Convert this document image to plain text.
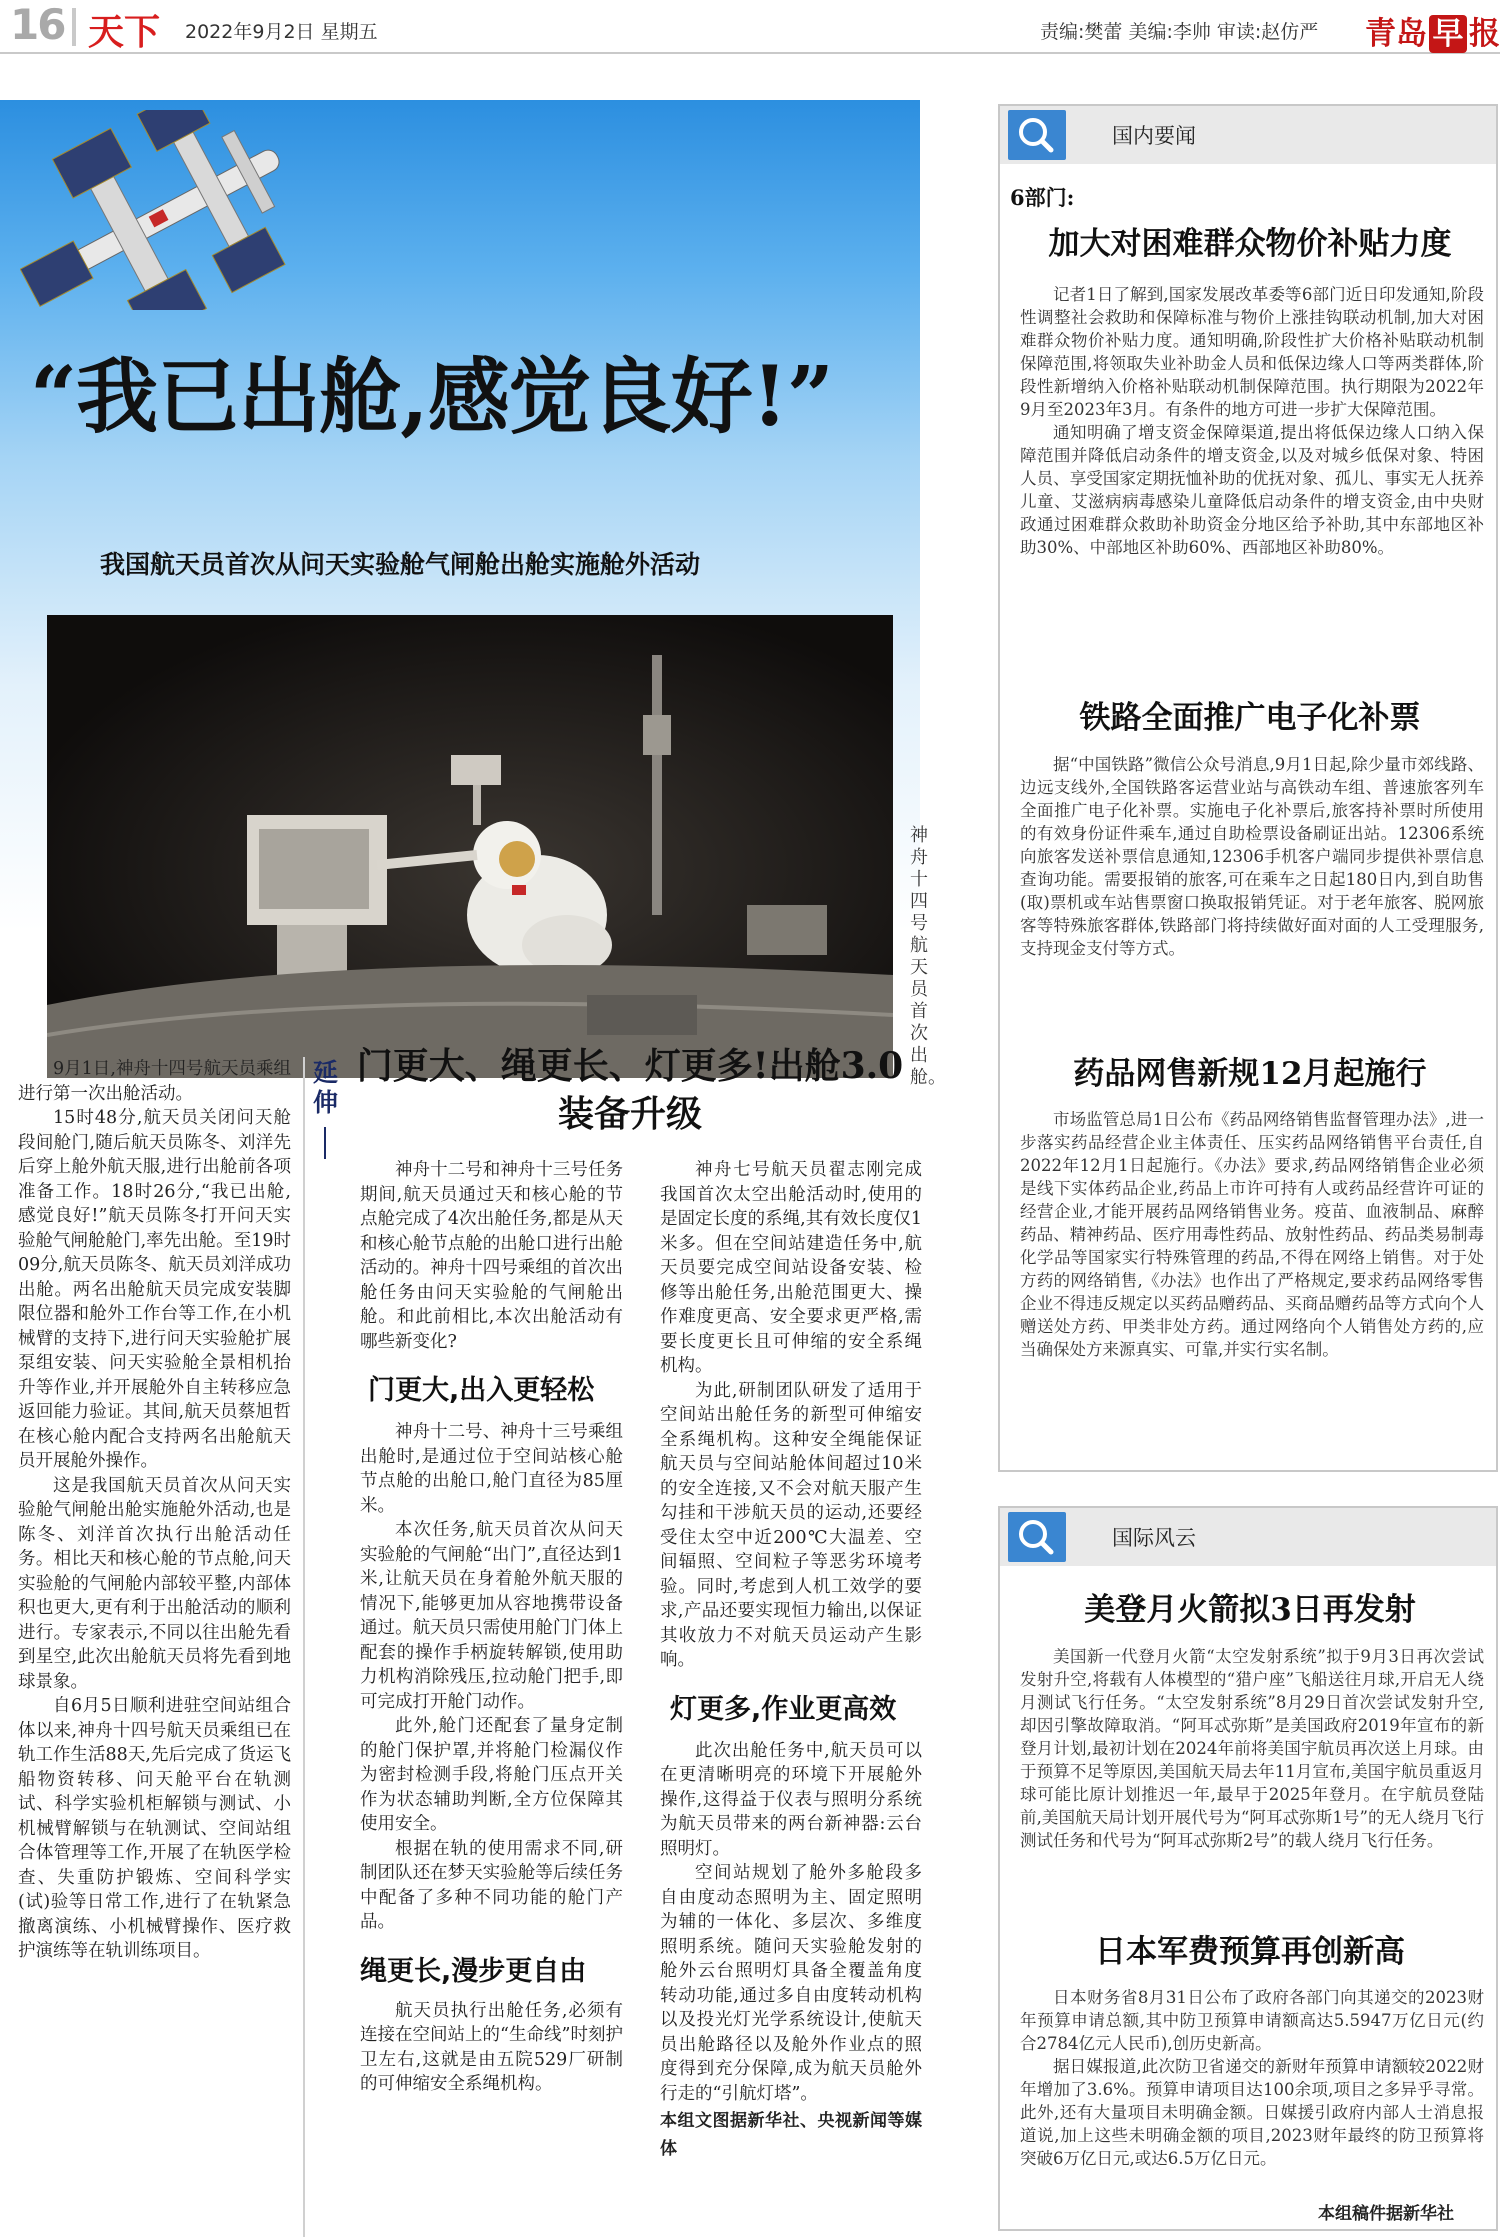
16 天下 2022年9月2日 星期五	责编:樊蕾 美编:李帅 审读:赵仿严 青岛 早 报
“我已出舱,感觉良好!”
我国航天员首次从问天实验舱气闸舱出舱实施舱外活动
神舟十四号航天员首次出舱。

9月1日,神舟十四号航天员乘组进行第一次出舱活动。

15时48分,航天员关闭问天舱段间舱门,随后航天员陈冬、刘洋先后穿上舱外航天服,进行出舱前各项准备工作。18时26分,“我已出舱,感觉良好!”航天员陈冬打开问天实验舱气闸舱舱门,率先出舱。至19时09分,航天员陈冬、航天员刘洋成功出舱。两名出舱航天员完成安装脚限位器和舱外工作台等工作,在小机械臂的支持下,进行问天实验舱扩展泵组安装、问天实验舱全景相机抬升等作业,并开展舱外自主转移应急返回能力验证。其间,航天员蔡旭哲在核心舱内配合支持两名出舱航天员开展舱外操作。

这是我国航天员首次从问天实验舱气闸舱出舱实施舱外活动,也是陈冬、刘洋首次执行出舱活动任务。相比天和核心舱的节点舱,问天实验舱的气闸舱内部较平整,内部体积也更大,更有利于出舱活动的顺利进行。专家表示,不同以往出舱先看到星空,此次出舱航天员将先看到地球景象。

自6月5日顺利进驻空间站组合体以来,神舟十四号航天员乘组已在轨工作生活88天,先后完成了货运飞船物资转移、问天舱平台在轨测试、科学实验机柜解锁与测试、小机械臂解锁与在轨测试、空间站组合体管理等工作,开展了在轨医学检查、失重防护锻炼、空间科学实(试)验等日常工作,进行了在轨紧急撤离演练、小机械臂操作、医疗救护演练等在轨训练项目。

延伸
门更大、绳更长、灯更多!出舱3.0装备升级

神舟十二号和神舟十三号任务期间,航天员通过天和核心舱的节点舱完成了4次出舱任务,都是从天和核心舱节点舱的出舱口进行出舱活动的。神舟十四号乘组的首次出舱任务由问天实验舱的气闸舱出舱。和此前相比,本次出舱活动有哪些新变化?

门更大,出入更轻松

神舟十二号、神舟十三号乘组出舱时,是通过位于空间站核心舱节点舱的出舱口,舱门直径为85厘米。

本次任务,航天员首次从问天实验舱的气闸舱“出门”,直径达到1米,让航天员在身着舱外航天服的情况下,能够更加从容地携带设备通过。航天员只需使用舱门门体上配套的操作手柄旋转解锁,使用助力机构消除残压,拉动舱门把手,即可完成打开舱门动作。

此外,舱门还配套了量身定制的舱门保护罩,并将舱门检漏仪作为密封检测手段,将舱门压点开关作为状态辅助判断,全方位保障其使用安全。

根据在轨的使用需求不同,研制团队还在梦天实验舱等后续任务中配备了多种不同功能的舱门产品。

绳更长,漫步更自由

航天员执行出舱任务,必须有连接在空间站上的“生命线”时刻护卫左右,这就是由五院529厂研制的可伸缩安全系绳机构。

神舟七号航天员翟志刚完成我国首次太空出舱活动时,使用的是固定长度的系绳,其有效长度仅1米多。但在空间站建造任务中,航天员要完成空间站设备安装、检修等出舱任务,出舱范围更大、操作难度更高、安全要求更严格,需要长度更长且可伸缩的安全系绳机构。

为此,研制团队研发了适用于空间站出舱任务的新型可伸缩安全系绳机构。这种安全绳能保证航天员与空间站舱体间超过10米的安全连接,又不会对航天服产生勾挂和干涉航天员的运动,还要经受住太空中近200℃大温差、空间辐照、空间粒子等恶劣环境考验。同时,考虑到人机工效学的要求,产品还要实现恒力输出,以保证其收放力不对航天员运动产生影响。

灯更多,作业更高效

此次出舱任务中,航天员可以在更清晰明亮的环境下开展舱外操作,这得益于仪表与照明分系统为航天员带来的两台新神器:云台照明灯。

空间站规划了舱外多舱段多自由度动态照明为主、固定照明为辅的一体化、多层次、多维度照明系统。随问天实验舱发射的舱外云台照明灯具备全覆盖角度转动功能,通过多自由度转动机构以及投光灯光学系统设计,使航天员出舱路径以及舱外作业点的照度得到充分保障,成为航天员舱外行走的“引航灯塔”。

本组文图据新华社、央视新闻等媒体
国内要闻
6部门:
加大对困难群众物价补贴力度

记者1日了解到,国家发展改革委等6部门近日印发通知,阶段性调整社会救助和保障标准与物价上涨挂钩联动机制,加大对困难群众物价补贴力度。通知明确,阶段性扩大价格补贴联动机制保障范围,将领取失业补助金人员和低保边缘人口等两类群体,阶段性新增纳入价格补贴联动机制保障范围。执行期限为2022年9月至2023年3月。有条件的地方可进一步扩大保障范围。

通知明确了增支资金保障渠道,提出将低保边缘人口纳入保障范围并降低启动条件的增支资金,以及对城乡低保对象、特困人员、享受国家定期抚恤补助的优抚对象、孤儿、事实无人抚养儿童、艾滋病病毒感染儿童降低启动条件的增支资金,由中央财政通过困难群众救助补助资金分地区给予补助,其中东部地区补助30%、中部地区补助60%、西部地区补助80%。

铁路全面推广电子化补票

据“中国铁路”微信公众号消息,9月1日起,除少量市郊线路、边远支线外,全国铁路客运营业站与高铁动车组、普速旅客列车全面推广电子化补票。实施电子化补票后,旅客持补票时所使用的有效身份证件乘车,通过自助检票设备刷证出站。12306系统向旅客发送补票信息通知,12306手机客户端同步提供补票信息查询功能。需要报销的旅客,可在乘车之日起180日内,到自助售(取)票机或车站售票窗口换取报销凭证。对于老年旅客、脱网旅客等特殊旅客群体,铁路部门将持续做好面对面的人工受理服务,支持现金支付等方式。

药品网售新规12月起施行

市场监管总局1日公布《药品网络销售监督管理办法》,进一步落实药品经营企业主体责任、压实药品网络销售平台责任,自2022年12月1日起施行。《办法》要求,药品网络销售企业必须是线下实体药品企业,药品上市许可持有人或药品经营许可证的经营企业,才能开展药品网络销售业务。疫苗、血液制品、麻醉药品、精神药品、医疗用毒性药品、放射性药品、药品类易制毒化学品等国家实行特殊管理的药品,不得在网络上销售。对于处方药的网络销售,《办法》也作出了严格规定,要求药品网络零售企业不得违反规定以买药品赠药品、买商品赠药品等方式向个人赠送处方药、甲类非处方药。通过网络向个人销售处方药的,应当确保处方来源真实、可靠,并实行实名制。

国际风云
美登月火箭拟3日再发射

美国新一代登月火箭“太空发射系统”拟于9月3日再次尝试发射升空,将载有人体模型的“猎户座”飞船送往月球,开启无人绕月测试飞行任务。“太空发射系统”8月29日首次尝试发射升空,却因引擎故障取消。“阿耳忒弥斯”是美国政府2019年宣布的新登月计划,最初计划在2024年前将美国宇航员再次送上月球。由于预算不足等原因,美国航天局去年11月宣布,美国宇航员重返月球可能比原计划推迟一年,最早于2025年登月。在宇航员登陆前,美国航天局计划开展代号为“阿耳忒弥斯1号”的无人绕月飞行测试任务和代号为“阿耳忒弥斯2号”的载人绕月飞行任务。

日本军费预算再创新高

日本财务省8月31日公布了政府各部门向其递交的2023财年预算申请总额,其中防卫预算申请额高达5.5947万亿日元(约合2784亿元人民币),创历史新高。

据日媒报道,此次防卫省递交的新财年预算申请额较2022财年增加了3.6%。预算申请项目达100余项,项目之多异乎寻常。此外,还有大量项目未明确金额。日媒援引政府内部人士消息报道说,加上这些未明确金额的项目,2023财年最终的防卫预算将突破6万亿日元,或达6.5万亿日元。

本组稿件据新华社
